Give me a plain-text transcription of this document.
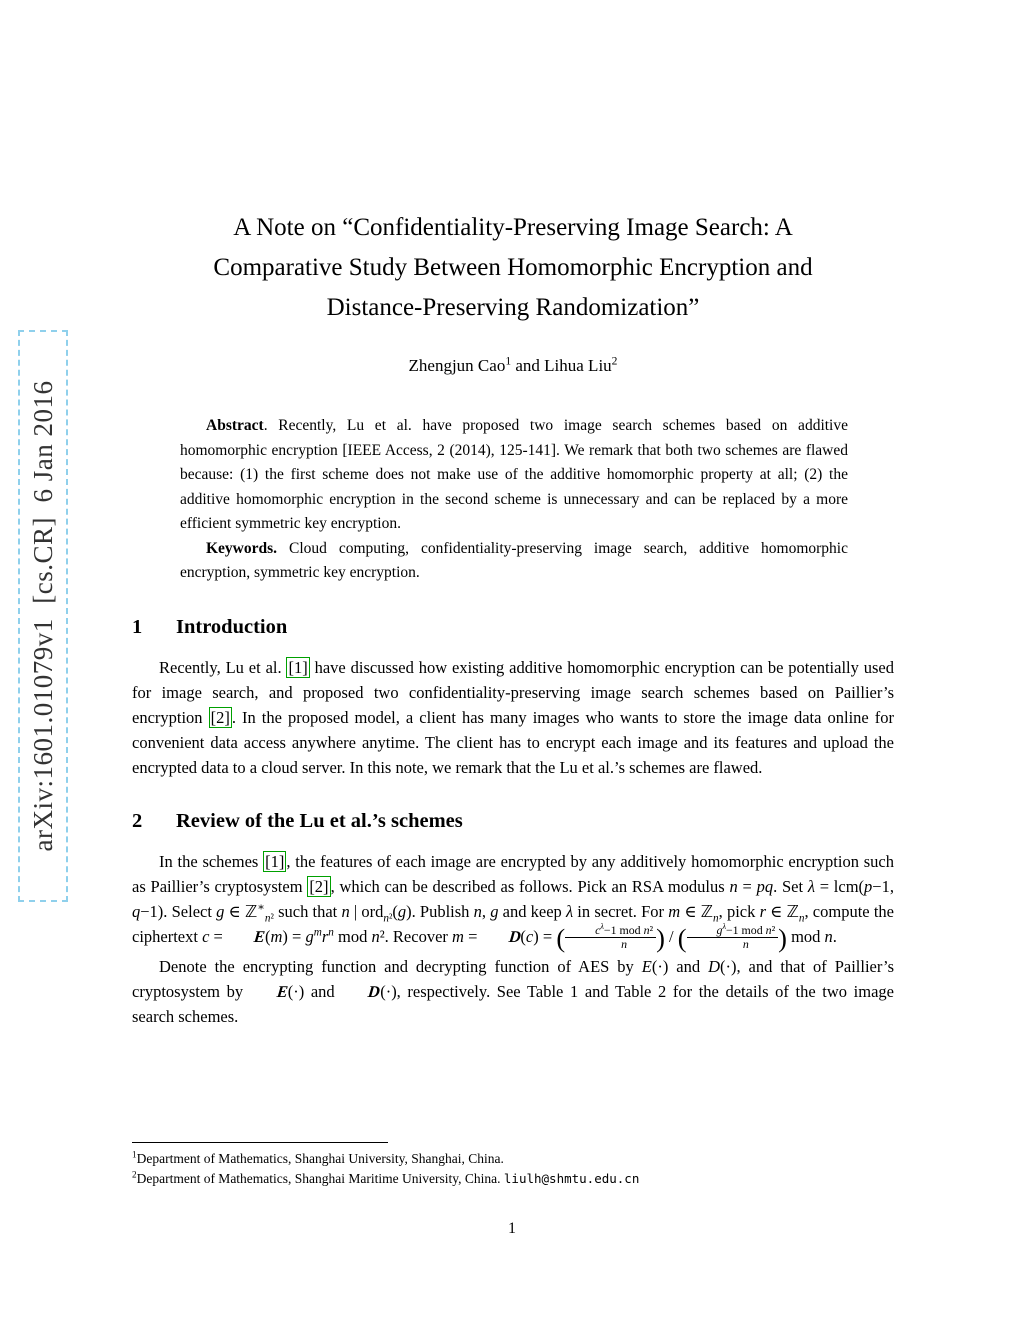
arXiv:1601.01079v1  [cs.CR]  6 Jan 2016
A Note on “Confidentiality-Preserving Image Search: A
Comparative Study Between Homomorphic Encryption and
Distance-Preserving Randomization”
Zhengjun Cao$^1$ and Lihua Liu$^2$

Abstract. Recently, Lu et al. have proposed two image search schemes based on additive homomorphic encryption [IEEE Access, 2 (2014), 125-141]. We remark that both two schemes are flawed because: (1) the first scheme does not make use of the additive homomorphic property at all; (2) the additive homomorphic encryption in the second scheme is unnecessary and can be replaced by a more efficient symmetric key encryption.

Keywords. Cloud computing, confidentiality-preserving image search, additive homomorphic encryption, symmetric key encryption.

1	Introduction

Recently, Lu et al. [1] have discussed how existing additive homomorphic encryption can be potentially used for image search, and proposed two confidentiality-preserving image search schemes based on Paillier’s encryption [2] . In the proposed model, a client has many images who wants to store the image data online for convenient data access anywhere anytime. The client has to encrypt each image and its features and upload the encrypted data to a cloud server. In this note, we remark that the Lu et al.’s schemes are flawed.

2	Review of the Lu et al.’s schemes

In the schemes [1] , the features of each image are encrypted by any additively homomorphic encryption such as Paillier’s cryptosystem [2] , which can be described as follows. Pick an RSA modulus n = pq. Set λ = lcm(p−1, q−1). Select g ∈ ℤ∗$_{n^2}$ such that n | ord$_{n^2}$(g). Publish n, g and keep λ in secret. For m ∈ ℤ$_n$, pick r ∈ ℤ$_n$, compute the ciphertext $c = E(m) = g^mr^n$ mod n². Recover m = D(c) = ( $\frac{c^\lambda-1 mod n^2}{n}$ ) / ( $\frac{g^\lambda-1 mod n^2}{n}$ ) mod n.

Denote the encrypting function and decrypting function of AES by E(·) and D(·), and that of Paillier’s cryptosystem by E(·) and D(·), respectively. See Table 1 and Table 2 for the details of the two image search schemes.

$^1$Department of Mathematics, Shanghai University, Shanghai, China.

$^2$Department of Mathematics, Shanghai Maritime University, China. liulh@shmtu.edu.cn

1
